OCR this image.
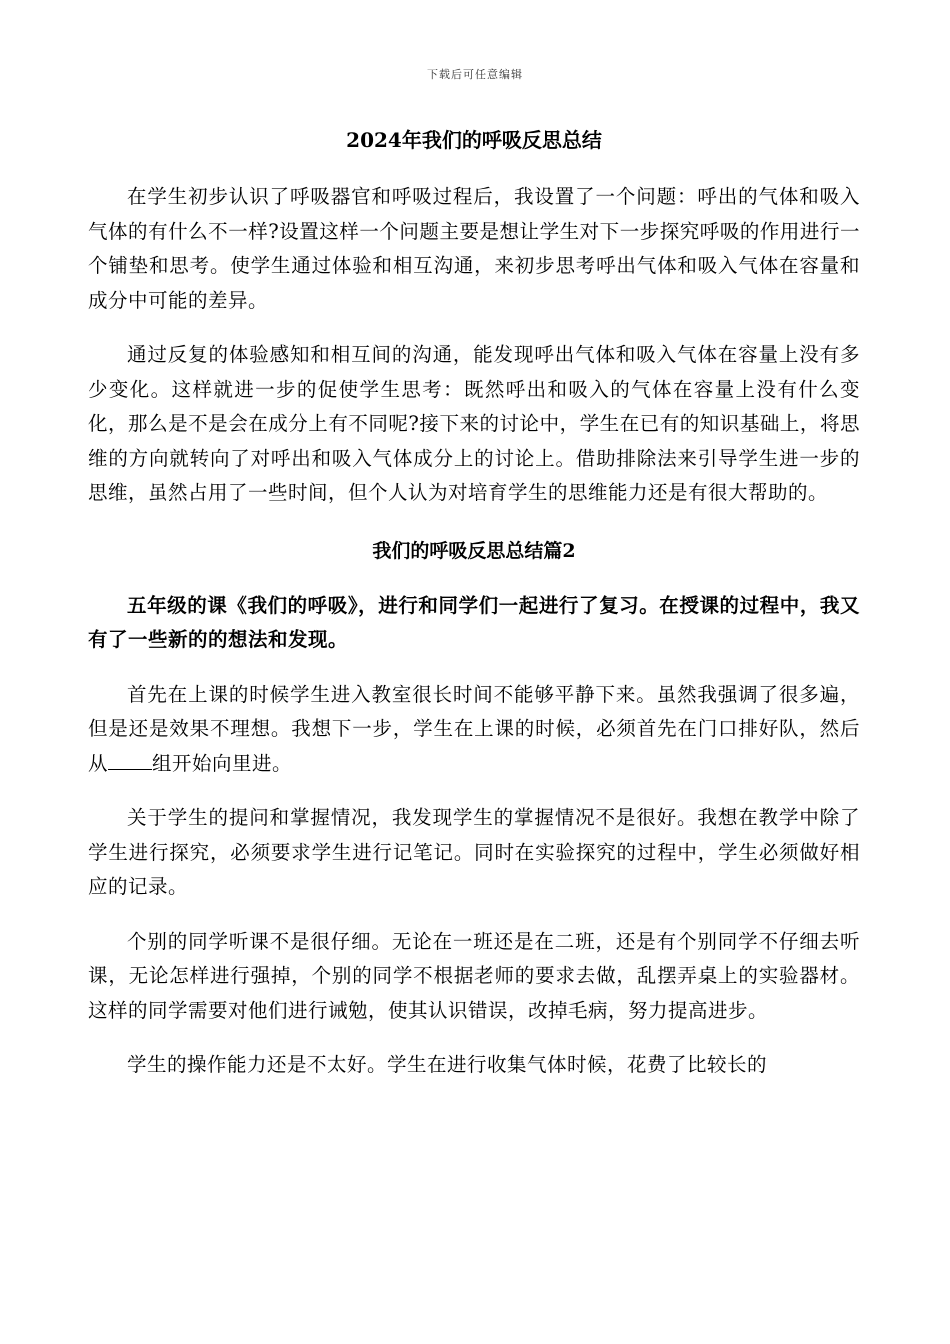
下载后可任意编辑
2024年我们的呼吸反思总结

在学生初步认识了呼吸器官和呼吸过程后，我设置了一个问题：呼出的气体和吸入气体的有什么不一样?设置这样一个问题主要是想让学生对下一步探究呼吸的作用进行一个铺垫和思考。使学生通过体验和相互沟通，来初步思考呼出气体和吸入气体在容量和成分中可能的差异。

通过反复的体验感知和相互间的沟通，能发现呼出气体和吸入气体在容量上没有多少变化。这样就进一步的促使学生思考：既然呼出和吸入的气体在容量上没有什么变化，那么是不是会在成分上有不同呢?接下来的讨论中，学生在已有的知识基础上，将思维的方向就转向了对呼出和吸入气体成分上的讨论上。借助排除法来引导学生进一步的思维，虽然占用了一些时间，但个人认为对培育学生的思维能力还是有很大帮助的。

我们的呼吸反思总结篇2

五年级的课《我们的呼吸》，进行和同学们一起进行了复习。在授课的过程中，我又有了一些新的的想法和发现。

首先在上课的时候学生进入教室很长时间不能够平静下来。虽然我强调了很多遍，但是还是效果不理想。我想下一步，学生在上课的时候，必须首先在门口排好队，然后从 组开始向里进。

关于学生的提问和掌握情况，我发现学生的掌握情况不是很好。我想在教学中除了学生进行探究，必须要求学生进行记笔记。同时在实验探究的过程中，学生必须做好相应的记录。

个别的同学听课不是很仔细。无论在一班还是在二班，还是有个别同学不仔细去听课，无论怎样进行强掉，个别的同学不根据老师的要求去做，乱摆弄桌上的实验器材。这样的同学需要对他们进行诫勉，使其认识错误，改掉毛病，努力提高进步。

学生的操作能力还是不太好。学生在进行收集气体时候，花费了比较长的
